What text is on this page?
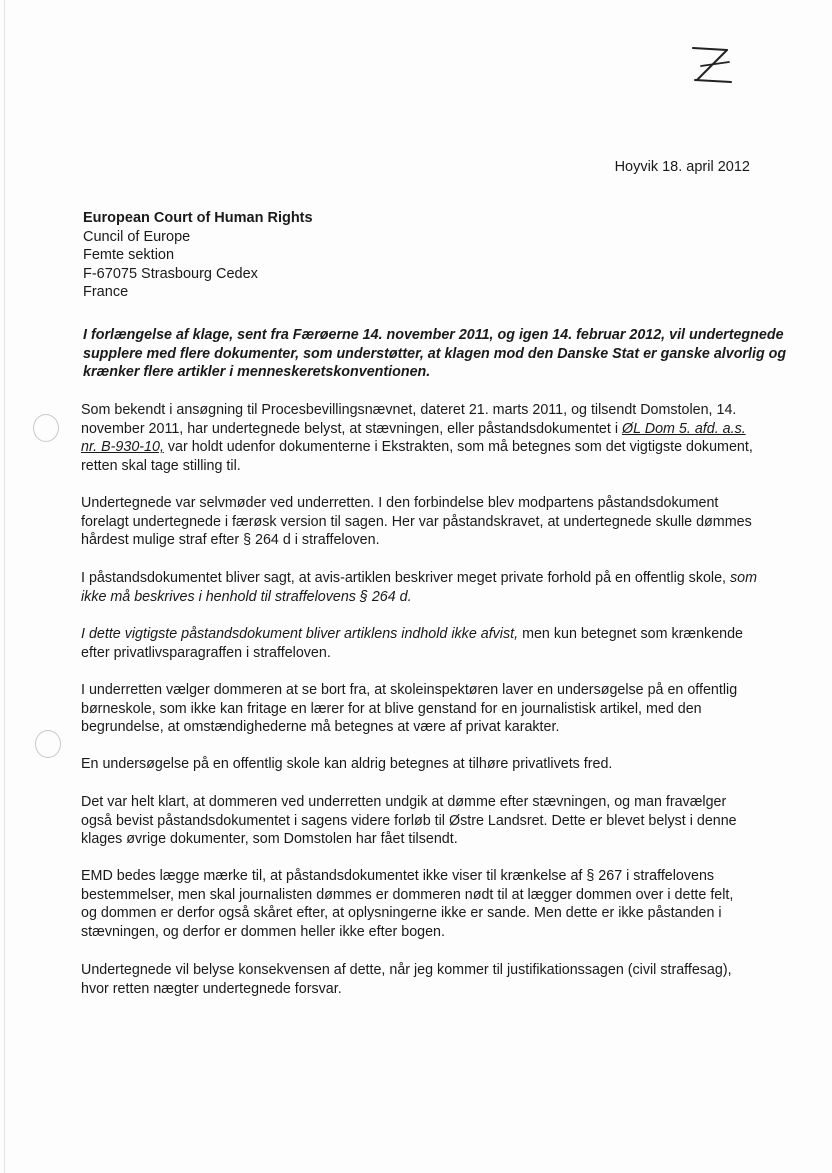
Hoyvik 18. april 2012
European Court of Human Rights
Cuncil of Europe
Femte sektion
F-67075 Strasbourg Cedex
France
I forlængelse af klage, sent fra Færøerne 14. november 2011, og igen 14. februar 2012, vil undertegnede
supplere med flere dokumenter, som understøtter, at klagen mod den Danske Stat er ganske alvorlig og
krænker flere artikler i menneskeretskonventionen.
Som bekendt i ansøgning til Procesbevillingsnævnet, dateret 21. marts 2011, og tilsendt Domstolen, 14.
november 2011, har undertegnede belyst, at stævningen, eller påstandsdokumentet i ØL Dom 5. afd. a.s.
nr. B-930-10, var holdt udenfor dokumenterne i Ekstrakten, som må betegnes som det vigtigste dokument,
retten skal tage stilling til.
Undertegnede var selvmøder ved underretten. I den forbindelse blev modpartens påstandsdokument
forelagt undertegnede i færøsk version til sagen. Her var påstandskravet, at undertegnede skulle dømmes
hårdest mulige straf efter § 264 d i straffeloven.
I påstandsdokumentet bliver sagt, at avis-artiklen beskriver meget private forhold på en offentlig skole, som
ikke må beskrives i henhold til straffelovens § 264 d.
I dette vigtigste påstandsdokument bliver artiklens indhold ikke afvist, men kun betegnet som krænkende
efter privatlivsparagraffen i straffeloven.
I underretten vælger dommeren at se bort fra, at skoleinspektøren laver en undersøgelse på en offentlig
børneskole, som ikke kan fritage en lærer for at blive genstand for en journalistisk artikel, med den
begrundelse, at omstændighederne må betegnes at være af privat karakter.
En undersøgelse på en offentlig skole kan aldrig betegnes at tilhøre privatlivets fred.
Det var helt klart, at dommeren ved underretten undgik at dømme efter stævningen, og man fravælger
også bevist påstandsdokumentet i sagens videre forløb til Østre Landsret. Dette er blevet belyst i denne
klages øvrige dokumenter, som Domstolen har fået tilsendt.
EMD bedes lægge mærke til, at påstandsdokumentet ikke viser til krænkelse af § 267 i straffelovens
bestemmelser, men skal journalisten dømmes er dommeren nødt til at lægger dommen over i dette felt,
og dommen er derfor også skåret efter, at oplysningerne ikke er sande. Men dette er ikke påstanden i
stævningen, og derfor er dommen heller ikke efter bogen.
Undertegnede vil belyse konsekvensen af dette, når jeg kommer til justifikationssagen (civil straffesag),
hvor retten nægter undertegnede forsvar.
